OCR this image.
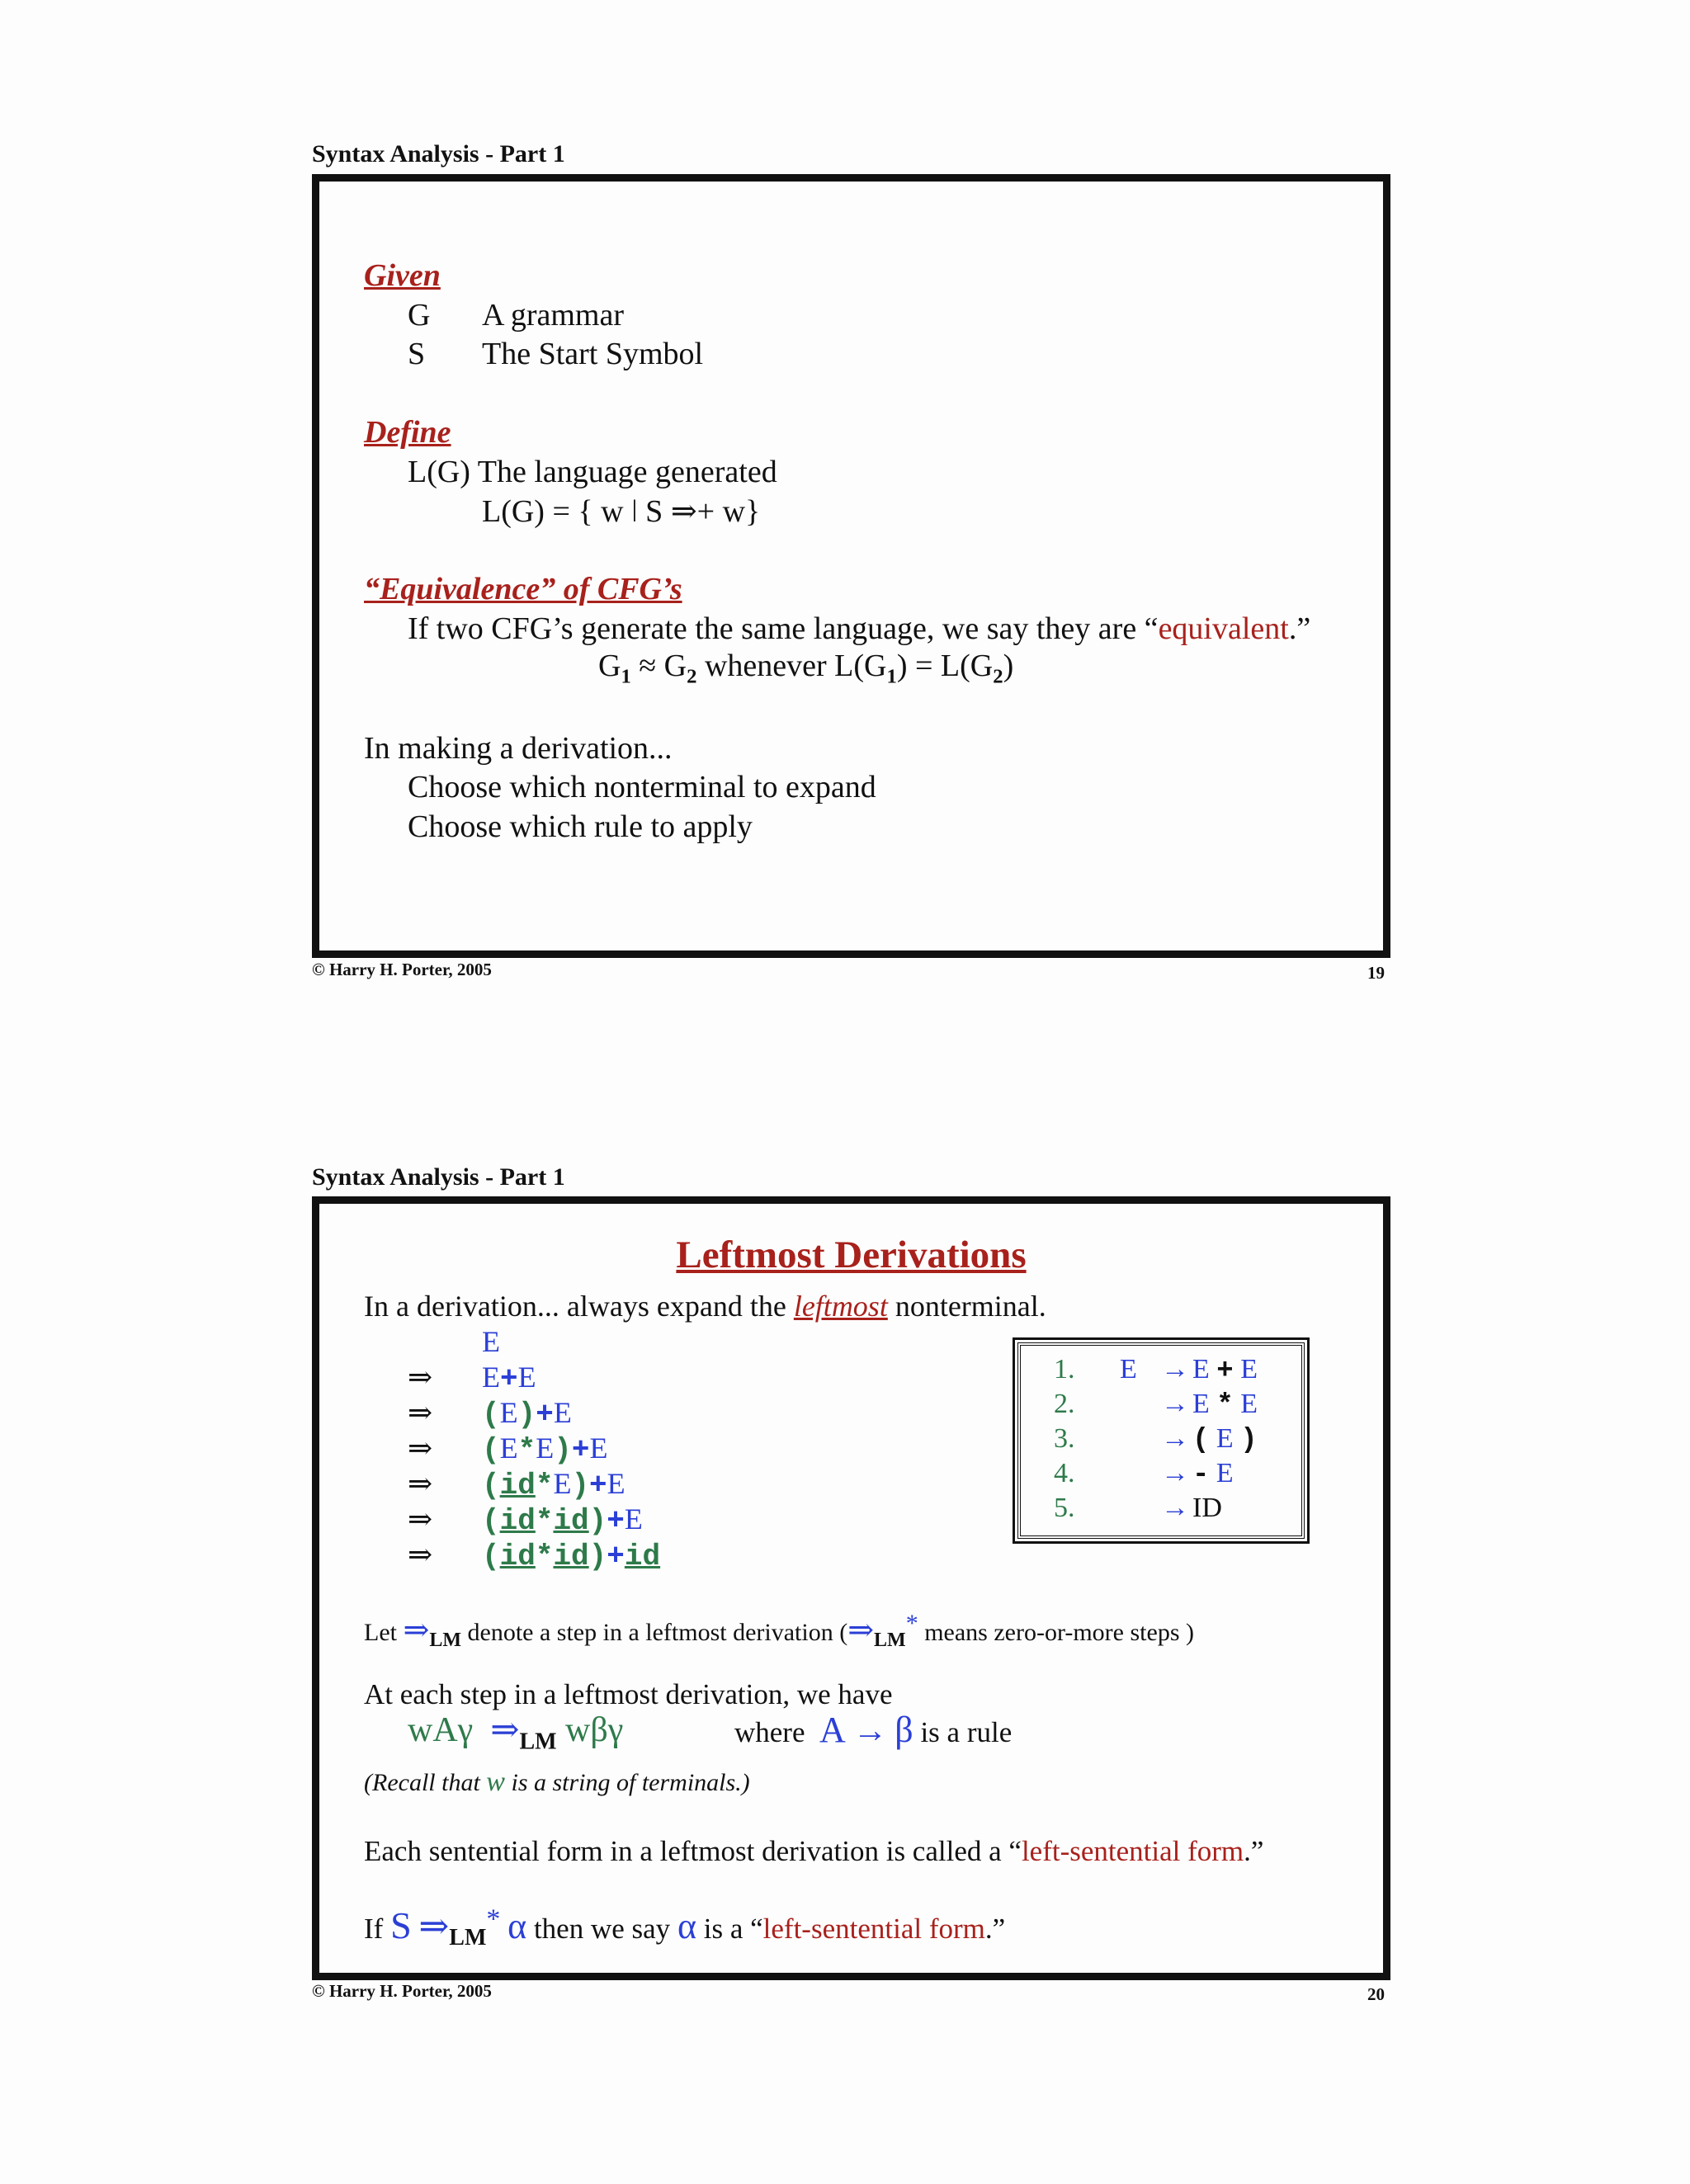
Syntax Analysis - Part 1
Given
G A grammar
S The Start Symbol
Define
L(G) The language generated
L(G) = { w ǀ S ⇒+ w}
“Equivalence” of CFG’s
If two CFG’s generate the same language, we say they are “equivalent.”
$G_1 \approx G_2$ whenever $L(G_1) = L(G_2)$
In making a derivation...
Choose which nonterminal to expand
Choose which rule to apply
© Harry H. Porter, 2005	19
Syntax Analysis - Part 1
Leftmost Derivations
In a derivation... always expand the leftmost nonterminal.
E
⇒ E+E
⇒ (E)+E
⇒ (E*E)+E
⇒ (id*E)+E
⇒ (id*id)+E
⇒ (id*id)+id
1. E → E + E
2.	→ E * E
3.	→ ( E )
4.	→ - E
5.	→ ID
Let $\Rightarrow_{LM}$ denote a step in a leftmost derivation ($\Rightarrow_{LM}^*$ means zero-or-more steps )
At each step in a leftmost derivation, we have
wAγ $\Rightarrow_{LM}$ wβγ	where A → β is a rule
(Recall that w is a string of terminals.)
Each sentential form in a leftmost derivation is called a “left-sentential form.”
If S $\Rightarrow_{LM}^*$ α then we say α is a “left-sentential form.”
© Harry H. Porter, 2005	20
